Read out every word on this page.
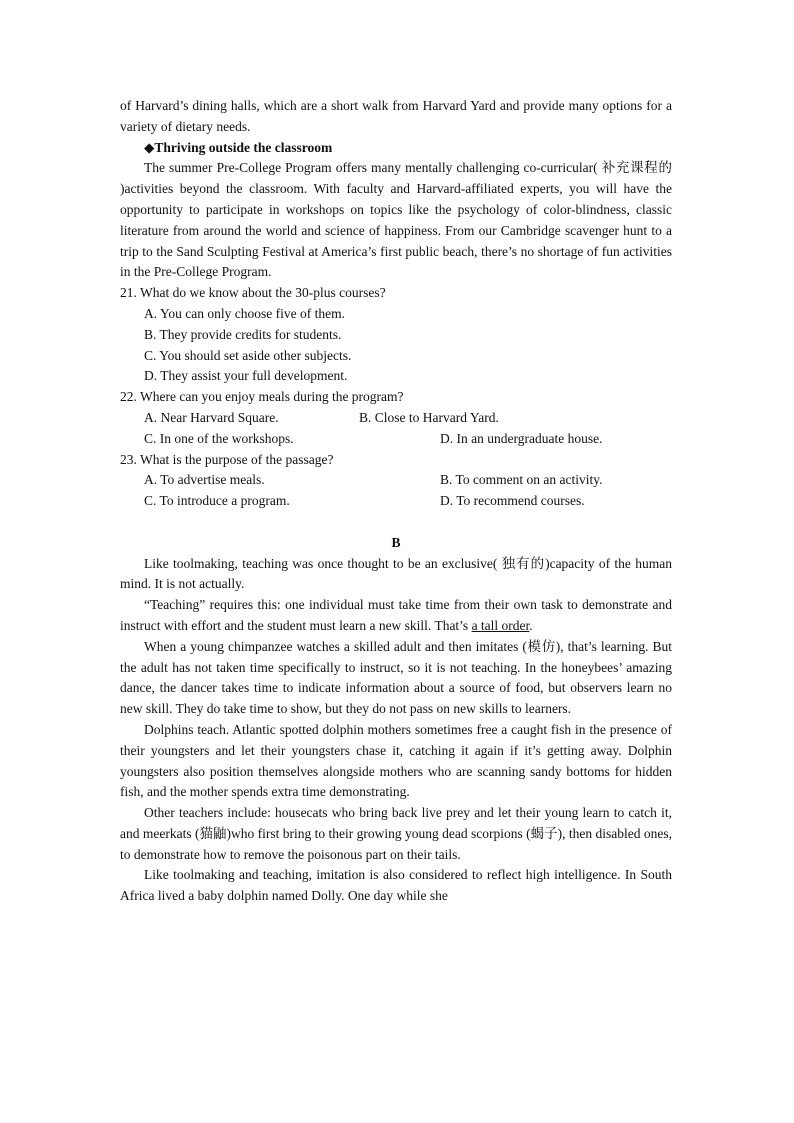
of Harvard’s dining halls, which are a short walk from Harvard Yard and provide many options for a variety of dietary needs.

◆Thriving outside the classroom

The summer Pre-College Program offers many mentally challenging co-curricular( 补充课程的 )activities beyond the classroom. With faculty and Harvard-affiliated experts, you will have the opportunity to participate in workshops on topics like the psychology of color-blindness, classic literature from around the world and science of happiness. From our Cambridge scavenger hunt to a trip to the Sand Sculpting Festival at America’s first public beach, there’s no shortage of fun activities in the Pre-College Program.

21. What do we know about the 30-plus courses?
A. You can only choose five of them.
B. They provide credits for students.
C. You should set aside other subjects.
D. They assist your full development.
22. Where can you enjoy meals during the program?
A. Near Harvard Square.	B. Close to Harvard Yard.
C. In one of the workshops.	D. In an undergraduate house.
23. What is the purpose of the passage?
A. To advertise meals.	B. To comment on an activity.
C. To introduce a program.	D. To recommend courses.
B

Like toolmaking, teaching was once thought to be an exclusive( 独有的)capacity of the human mind. It is not actually.

“Teaching” requires this: one individual must take time from their own task to demonstrate and instruct with effort and the student must learn a new skill. That’s a tall order.

When a young chimpanzee watches a skilled adult and then imitates (模仿), that’s learning. But the adult has not taken time specifically to instruct, so it is not teaching. In the honeybees’ amazing dance, the dancer takes time to indicate information about a source of food, but observers learn no new skill. They do take time to show, but they do not pass on new skills to learners.

Dolphins teach. Atlantic spotted dolphin mothers sometimes free a caught fish in the presence of their youngsters and let their youngsters chase it, catching it again if it’s getting away. Dolphin youngsters also position themselves alongside mothers who are scanning sandy bottoms for hidden fish, and the mother spends extra time demonstrating.

Other teachers include: housecats who bring back live prey and let their young learn to catch it, and meerkats (猫鼬)who first bring to their growing young dead scorpions (蝎子), then disabled ones, to demonstrate how to remove the poisonous part on their tails.

Like toolmaking and teaching, imitation is also considered to reflect high intelligence. In South Africa lived a baby dolphin named Dolly. One day while she
